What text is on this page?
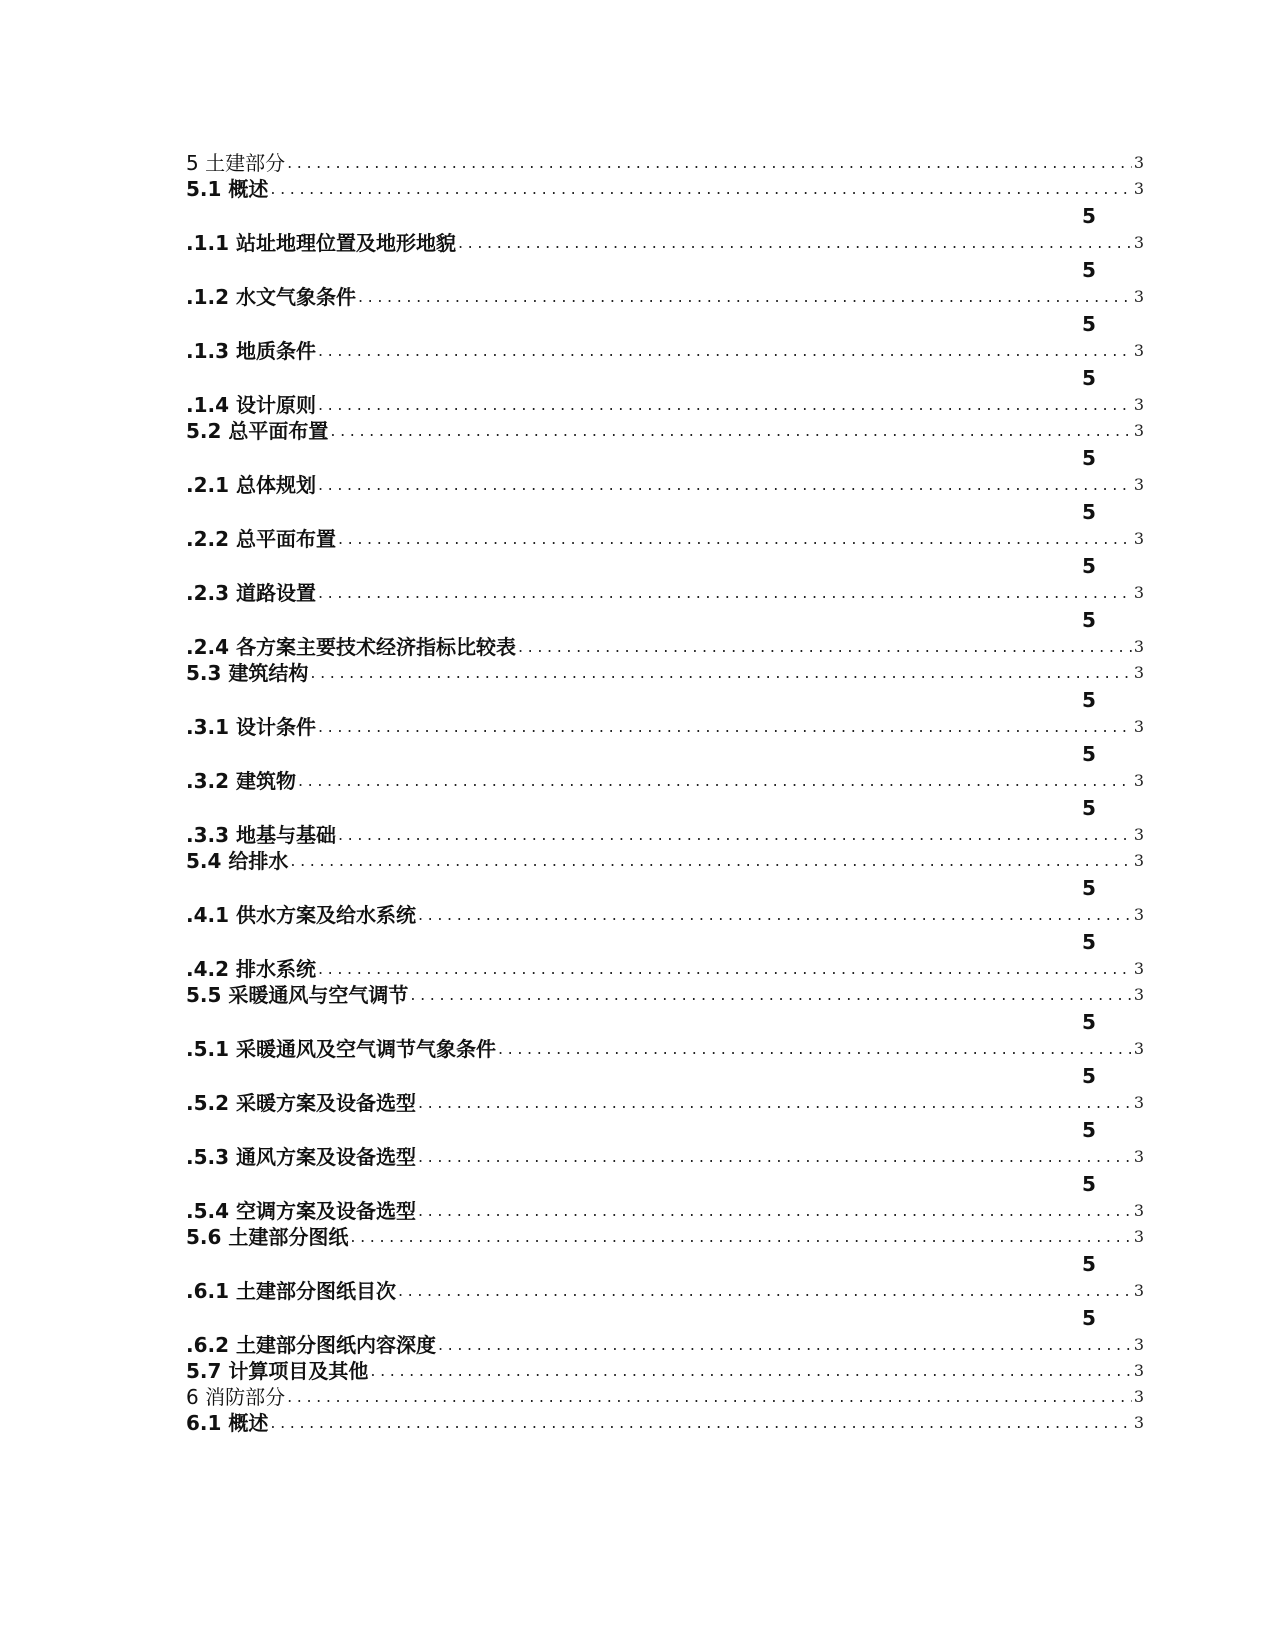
5 土建部分 .....	3
5.1 概述 .....	3
5
.1.1 站址地理位置及地形地貌 .....	3
5
.1.2 水文气象条件 .....	3
5
.1.3 地质条件 .....	3
5
.1.4 设计原则 .....	3
5.2 总平面布置 .....	3
5
.2.1 总体规划 .....	3
5
.2.2 总平面布置 .....	3
5
.2.3 道路设置 .....	3
5
.2.4 各方案主要技术经济指标比较表 .....	3
5.3 建筑结构 .....	3
5
.3.1 设计条件 .....	3
5
.3.2 建筑物 .....	3
5
.3.3 地基与基础 .....	3
5.4 给排水 .....	3
5
.4.1 供水方案及给水系统 .....	3
5
.4.2 排水系统 .....	3
5.5 采暖通风与空气调节 .....	3
5
.5.1 采暖通风及空气调节气象条件 .....	3
5
.5.2 采暖方案及设备选型 .....	3
5
.5.3 通风方案及设备选型 .....	3
5
.5.4 空调方案及设备选型 .....	3
5.6 土建部分图纸 .....	3
5
.6.1 土建部分图纸目次 .....	3
5
.6.2 土建部分图纸内容深度 .....	3
5.7 计算项目及其他 .....	3
6 消防部分 .....	3
6.1 概述 .....	3
